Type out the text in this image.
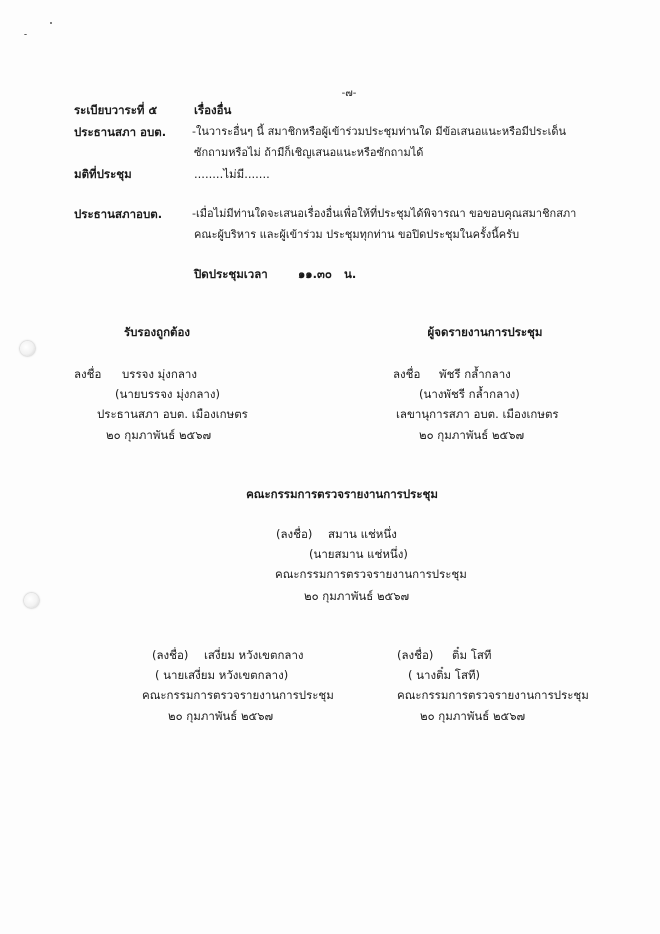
-๗-
ระเบียบวาระที่ ๕	เรื่องอื่น
ประธานสภา อบต. -ในวาระอื่นๆ นี้ สมาชิกหรือผู้เข้าร่วมประชุมท่านใด มีข้อเสนอแนะหรือมีประเด็น
ซักถามหรือไม่ ถ้ามีก็เชิญเสนอแนะหรือซักถามได้
มติที่ประชุม	........ไม่มี.......
ประธานสภาอบต.	-เมื่อไม่มีท่านใดจะเสนอเรื่องอื่นเพื่อให้ที่ประชุมได้พิจารณา ขอขอบคุณสมาชิกสภา
คณะผู้บริหาร และผู้เข้าร่วม ประชุมทุกท่าน ขอปิดประชุมในครั้งนี้ครับ
ปิดประชุมเวลา	๑๑.๓๐ น.
รับรองถูกต้อง
ลงชื่อ บรรจง มุ่งกลาง
(นายบรรจง มุ่งกลาง)
ประธานสภา อบต. เมืองเกษตร
๒๐ กุมภาพันธ์ ๒๕๖๗
ผู้จดรายงานการประชุม
ลงชื่อ พัชรี กล้ำกลาง
(นางพัชรี กล้ำกลาง)
เลขานุการสภา อบต. เมืองเกษตร
๒๐ กุมภาพันธ์ ๒๕๖๗
คณะกรรมการตรวจรายงานการประชุม
(ลงชื่อ) สมาน แช่หนึ่ง
(นายสมาน แช่หนึ่ง)
คณะกรรมการตรวจรายงานการประชุม
๒๐ กุมภาพันธ์ ๒๕๖๗
(ลงชื่อ) เสงี่ยม หวังเขตกลาง
( นายเสงี่ยม หวังเขตกลาง)
คณะกรรมการตรวจรายงานการประชุม
๒๐ กุมภาพันธ์ ๒๕๖๗
(ลงชื่อ) ติ๋ม โสที
( นางติ๋ม โสที)
คณะกรรมการตรวจรายงานการประชุม
๒๐ กุมภาพันธ์ ๒๕๖๗
